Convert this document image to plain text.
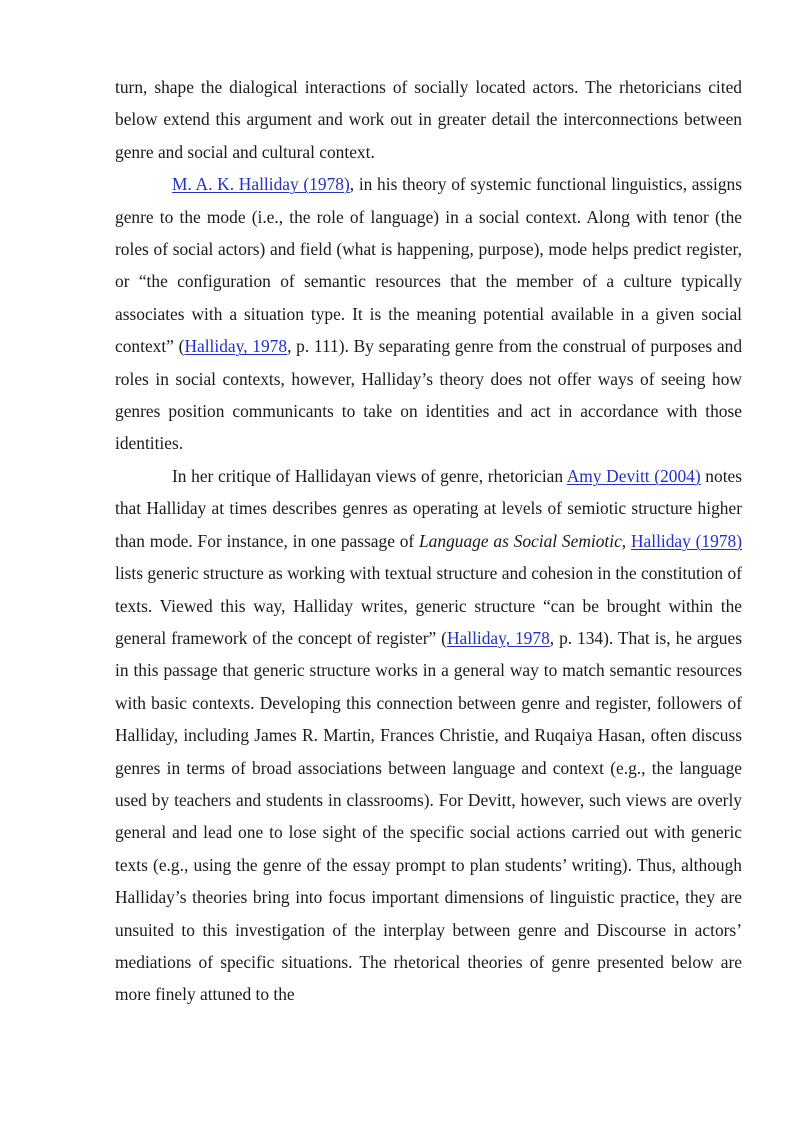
turn, shape the dialogical interactions of socially located actors. The rhetoricians cited below extend this argument and work out in greater detail the interconnections between genre and social and cultural context.

M. A. K. Halliday (1978), in his theory of systemic functional linguistics, assigns genre to the mode (i.e., the role of language) in a social context. Along with tenor (the roles of social actors) and field (what is happening, purpose), mode helps predict register, or “the configuration of semantic resources that the member of a culture typically associates with a situation type. It is the meaning potential available in a given social context” (Halliday, 1978, p. 111). By separating genre from the construal of purposes and roles in social contexts, however, Halliday’s theory does not offer ways of seeing how genres position communicants to take on identities and act in accordance with those identities.

In her critique of Hallidayan views of genre, rhetorician Amy Devitt (2004) notes that Halliday at times describes genres as operating at levels of semiotic structure higher than mode. For instance, in one passage of Language as Social Semiotic, Halliday (1978) lists generic structure as working with textual structure and cohesion in the constitution of texts. Viewed this way, Halliday writes, generic structure “can be brought within the general framework of the concept of register” (Halliday, 1978, p. 134). That is, he argues in this passage that generic structure works in a general way to match semantic resources with basic contexts. Developing this connection between genre and register, followers of Halliday, including James R. Martin, Frances Christie, and Ruqaiya Hasan, often discuss genres in terms of broad associations between language and context (e.g., the language used by teachers and students in classrooms). For Devitt, however, such views are overly general and lead one to lose sight of the specific social actions carried out with generic texts (e.g., using the genre of the essay prompt to plan students’ writing). Thus, although Halliday’s theories bring into focus important dimensions of linguistic practice, they are unsuited to this investigation of the interplay between genre and Discourse in actors’ mediations of specific situations. The rhetorical theories of genre presented below are more finely attuned to the
